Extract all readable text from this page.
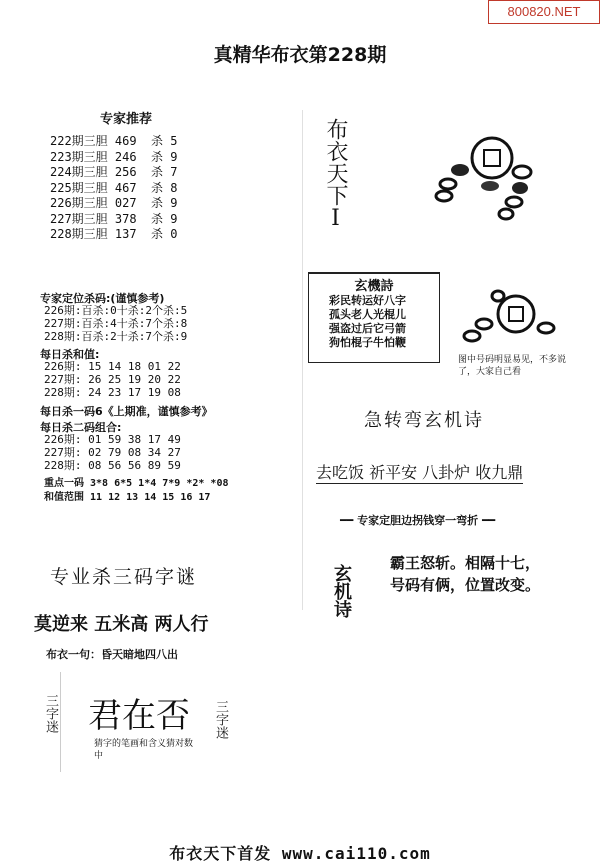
800820.NET
真精华布衣第228期
专家推荐
222期三胆 469  杀 5
223期三胆 246  杀 9
224期三胆 256  杀 7
225期三胆 467  杀 8
226期三胆 027  杀 9
227期三胆 378  杀 9
228期三胆 137  杀 0
专家定位杀码:(谨慎参考)
226期:百杀:0十杀:2个杀:5
227期:百杀:4十杀:7个杀:8
228期:百杀:2十杀:7个杀:9
每日杀和值:
226期: 15 14 18 01 22
227期: 26 25 19 20 22
228期: 24 23 17 19 08
每日杀一码6《上期准，谨慎参考》
每日杀二码组合:
226期: 01 59 38 17 49
227期: 02 79 08 34 27
228期: 08 56 56 89 59
重点一码 3*8 6*5 1*4 7*9 *2* *08
和值范围 11 12 13 14 15 16 17
专业杀三码字谜
莫逆来 五米高 两人行
布衣一句：昏天暗地四八出
三字迷 君在否 三字迷
猜字的笔画和含义猜对数中
布衣天下I
玄機詩
彩民转运好八字
孤头老人光棍儿
强盗过后它弓箭
狗怕棍子牛怕鞭
图中号码明显易见，不多说了，大家自己看
急转弯玄机诗
去吃饭 祈平安 八卦炉 收九鼎
━━ 专家定胆边拐钱穿一弯折 ━━
玄机诗
霸王怒斩。相隔十七，
号码有俩，位置改变。
布衣天下首发 www.cai110.com
